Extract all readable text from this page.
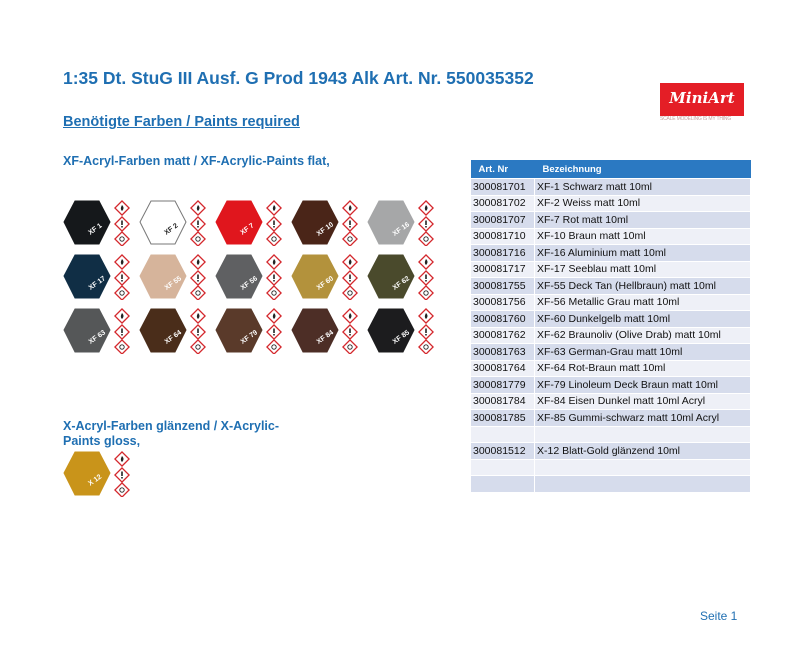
1:35 Dt. StuG III Ausf. G Prod 1943 Alk Art. Nr. 550035352
Benötigte Farben / Paints required
MiniArt
SCALE MODELING IS MY THING
XF-Acryl-Farben matt / XF-Acrylic-Paints flat,
XF 1	XF 2	XF 7	XF 10	XF 16
XF 17	XF 55	XF 56	XF 60	XF 62
XF 63	XF 64	XF 79	XF 84	XF 85
X-Acryl-Farben glänzend / X-Acrylic-Paints gloss,
X 12
Art. Nr	Bezeichnung
300081701	XF-1 Schwarz matt 10ml
300081702	XF-2 Weiss matt 10ml
300081707	XF-7 Rot matt 10ml
300081710	XF-10 Braun matt 10ml
300081716	XF-16 Aluminium matt 10ml
300081717	XF-17 Seeblau matt 10ml
300081755	XF-55 Deck Tan (Hellbraun) matt 10ml
300081756	XF-56 Metallic Grau matt 10ml
300081760	XF-60 Dunkelgelb matt 10ml
300081762	XF-62 Braunoliv (Olive Drab) matt 10ml
300081763	XF-63 German-Grau matt 10ml
300081764	XF-64 Rot-Braun matt 10ml
300081779	XF-79 Linoleum Deck Braun matt 10ml
300081784	XF-84 Eisen Dunkel matt 10ml Acryl
300081785	XF-85 Gummi-schwarz matt 10ml Acryl

300081512	X-12 Blatt-Gold glänzend 10ml

Seite 1
